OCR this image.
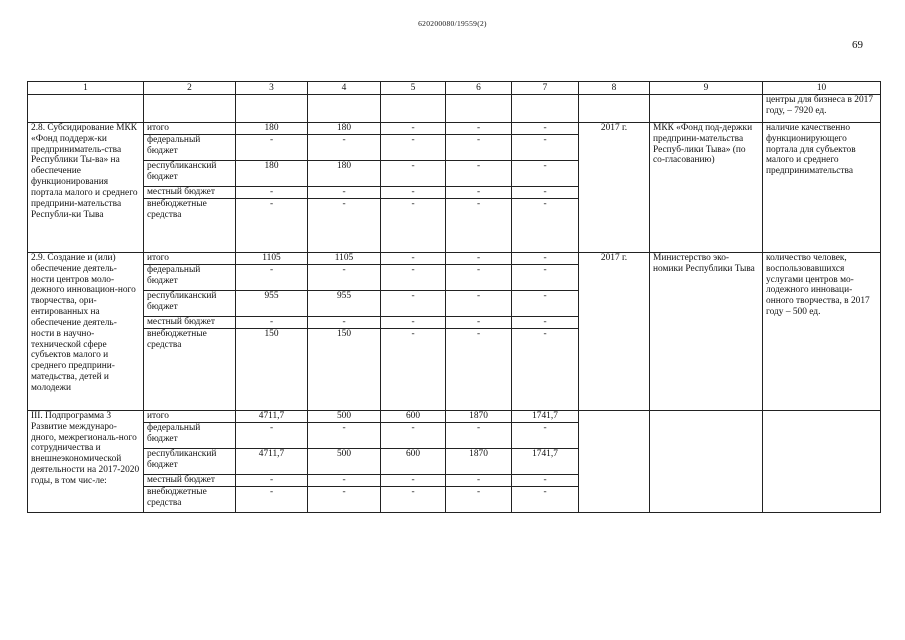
620200080/19559(2)
69
1	2	3	4	5	6	7	8	9	10
									центры для бизнеса в 2017 году, – 7920 ед.
2.8. Субсидирование МКК «Фонд поддерж-ки предприниматель-ства Республики Ты-ва» на обеспечение функционирования портала малого и среднего предприни-мательства Республи-ки Тыва	итого	180	180	-	-	-	2017 г.	МКК «Фонд под-держки предприни-мательства Респуб-лики Тыва» (по со-гласованию)	наличие качественно функционирующего портала для субъектов малого и среднего предпринимательства
	федеральный бюджет	-	-	-	-	-			
	республиканский бюджет	180	180	-	-	-			
	местный бюджет	-	-	-	-	-			
	внебюджетные средства	-	-	-	-	-			
2.9. Создание и (или) обеспечение деятель-ности центров моло-дежного инновацион-ного творчества, ори-ентированных на обеспечение деятель-ности в научно-технической сфере субъектов малого и среднего предприни-матедьства, детей и молодежи	итого	1105	1105	-	-	-	2017 г.	Министерство эко-номики Республики Тыва	количество человек, воспользовавшихся услугами центров мо-лодежного инноваци-онного творчества, в 2017 году – 500 ед.
	федеральный бюджет	-	-	-	-	-			
	республиканский бюджет	955	955	-	-	-			
	местный бюджет	-	-	-	-	-			
	внебюджетные средства	150	150	-	-	-			
III. Подпрограмма 3 Развитие междунаро-дного, межрегиональ-ного сотрудничества и внешнеэкономической деятельности на 2017-2020 годы, в том чис-ле:	итого	4711,7	500	600	1870	1741,7			
	федеральный бюджет	-	-	-	-	-			
	республиканский бюджет	4711,7	500	600	1870	1741,7			
	местный бюджет	-	-	-	-	-			
	внебюджетные средства	-	-	-	-	-			
